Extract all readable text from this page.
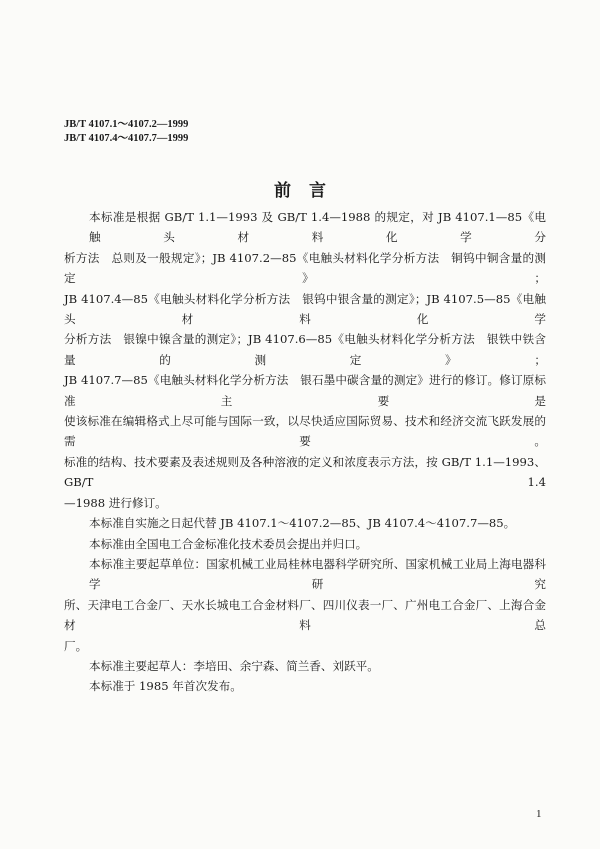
JB/T 4107.1～4107.2—1999
JB/T 4107.4～4107.7—1999
前言
本标准是根据 GB/T 1.1—1993 及 GB/T 1.4—1988 的规定，对 JB 4107.1—85《电触头材料化学分
析方法　总则及一般规定》；JB 4107.2—85《电触头材料化学分析方法　铜钨中铜含量的测定》；
JB 4107.4—85《电触头材料化学分析方法　银钨中银含量的测定》；JB 4107.5—85《电触头材料化学
分析方法　银镍中镍含量的测定》；JB 4107.6—85《电触头材料化学分析方法　银铁中铁含量的测定》；
JB 4107.7—85《电触头材料化学分析方法　银石墨中碳含量的测定》进行的修订。修订原标准主要是
使该标准在编辑格式上尽可能与国际一致，以尽快适应国际贸易、技术和经济交流飞跃发展的需要。
标准的结构、技术要素及表述规则及各种溶液的定义和浓度表示方法，按 GB/T 1.1—1993、GB/T 1.4
—1988 进行修订。
本标准自实施之日起代替 JB 4107.1～4107.2—85、JB 4107.4～4107.7—85。
本标准由全国电工合金标准化技术委员会提出并归口。
本标准主要起草单位：国家机械工业局桂林电器科学研究所、国家机械工业局上海电器科学研究
所、天津电工合金厂、天水长城电工合金材料厂、四川仪表一厂、广州电工合金厂、上海合金材料总
厂。
本标准主要起草人：李培田、余宁森、简兰香、刘跃平。
本标准于 1985 年首次发布。
1
